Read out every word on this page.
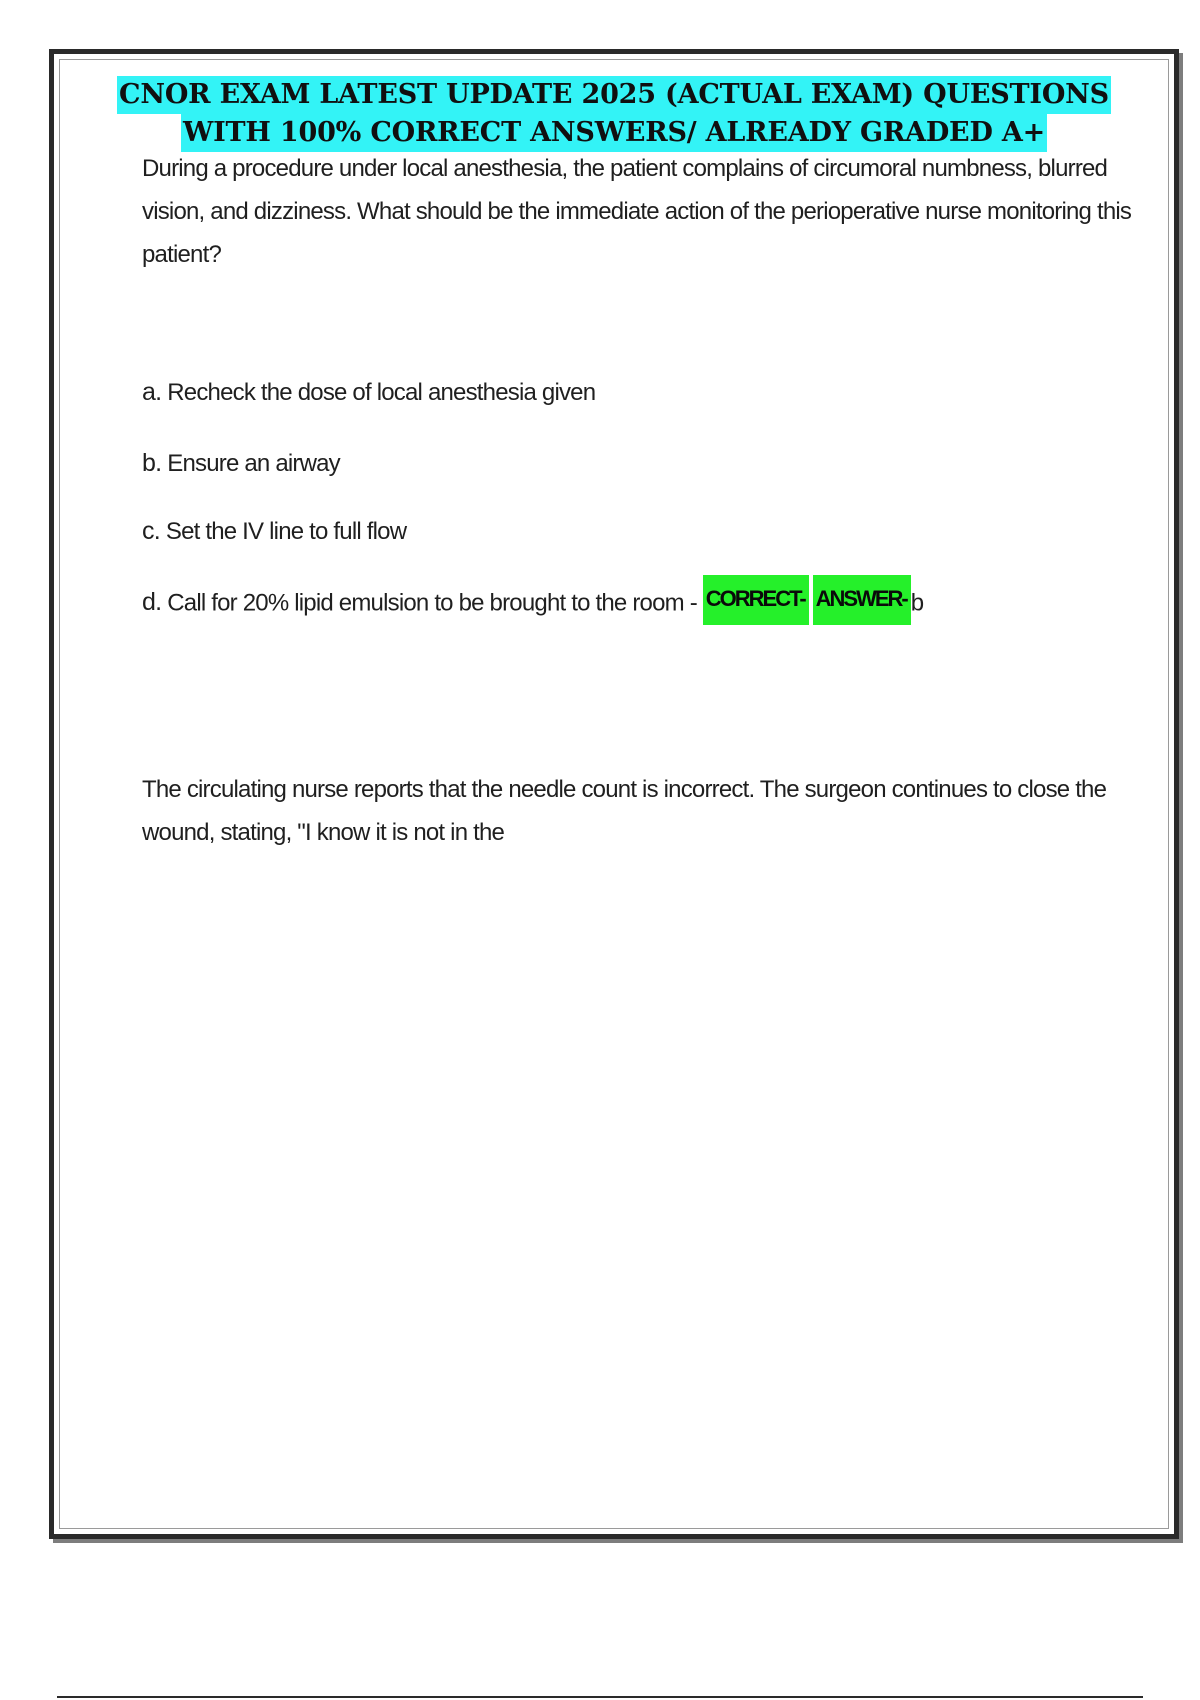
CNOR EXAM LATEST UPDATE 2025 (ACTUAL EXAM) QUESTIONS
WITH 100% CORRECT ANSWERS/ ALREADY GRADED A+
During a procedure under local anesthesia, the patient complains of circumoral numbness, blurred vision, and dizziness. What should be the immediate action of the perioperative nurse monitoring this patient?
a. Recheck the dose of local anesthesia given
b. Ensure an airway
c. Set the IV line to full flow
d. Call for 20% lipid emulsion to be brought to the room - CORRECT- ANSWER- b
The circulating nurse reports that the needle count is incorrect. The surgeon continues to close the wound, stating, "I know it is not in the
